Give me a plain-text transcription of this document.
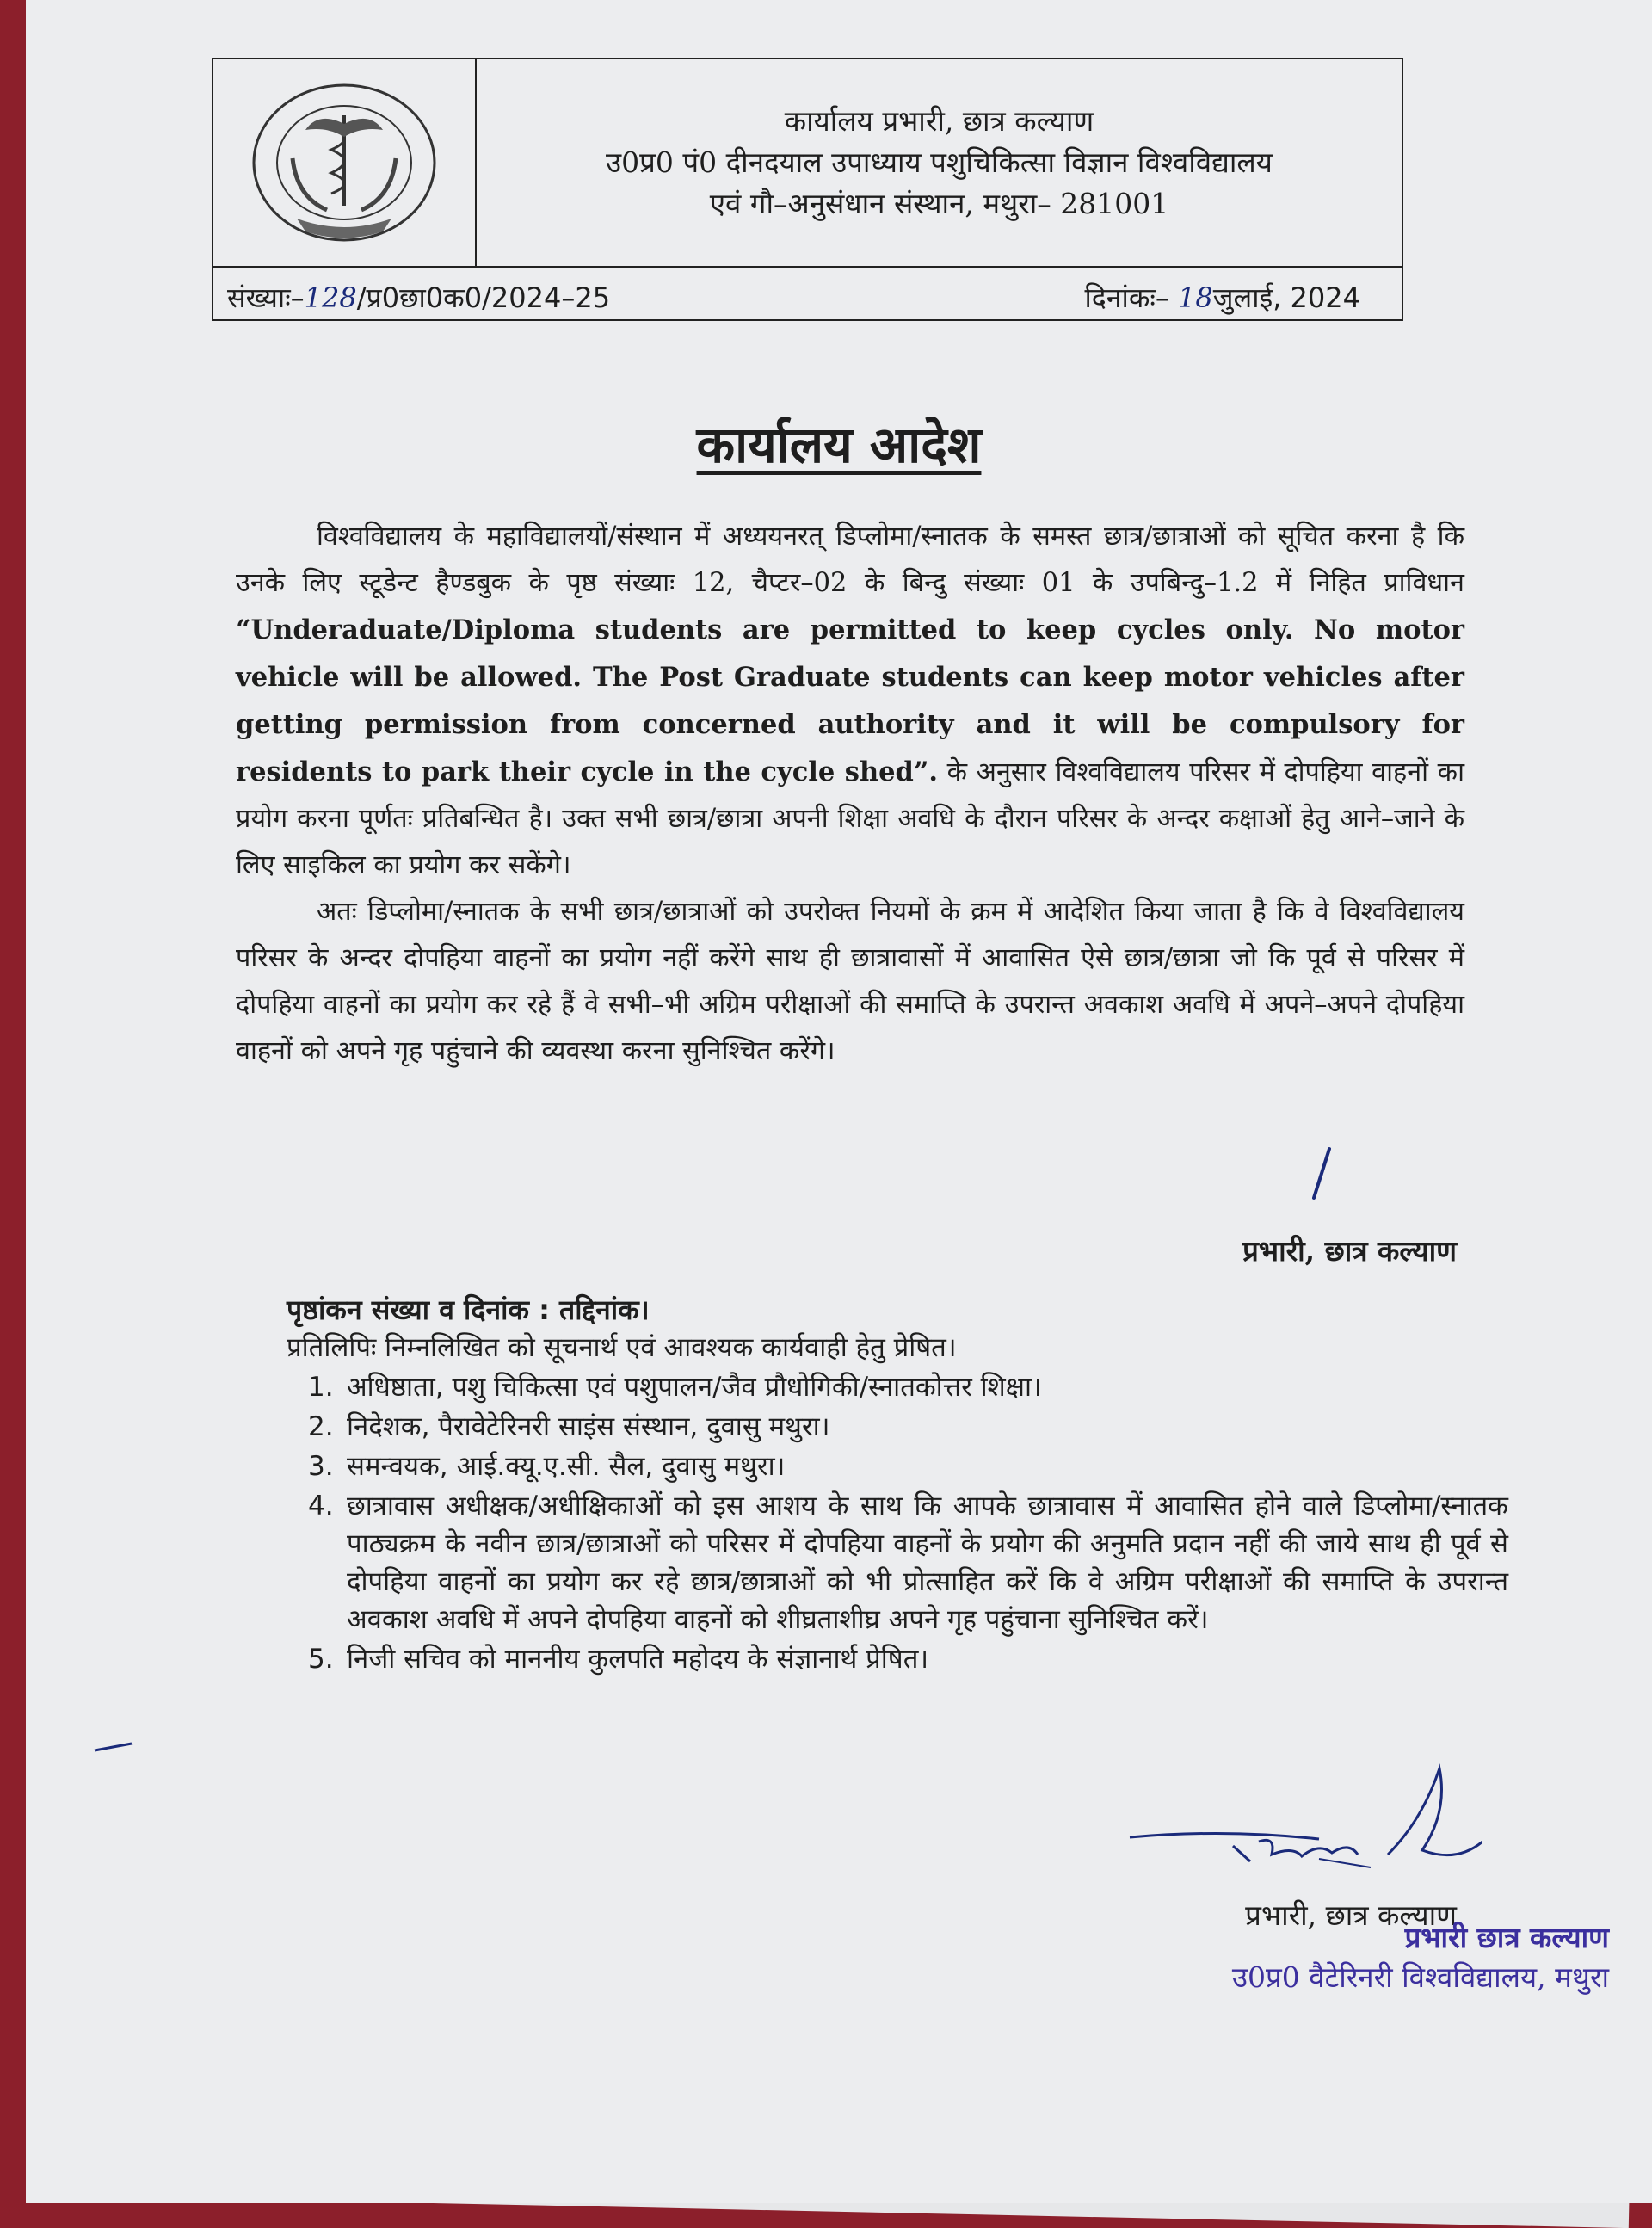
कार्यालय प्रभारी, छात्र कल्याण
उ0प्र0 पं0 दीनदयाल उपाध्याय पशुचिकित्सा विज्ञान विश्वविद्यालय
एवं गौ–अनुसंधान संस्थान, मथुरा– 281001
संख्याः–128/प्र0छा0क0/2024–25	दिनांकः– 18जुलाई, 2024
कार्यालय आदेश
विश्वविद्यालय के महाविद्यालयों/संस्थान में अध्ययनरत् डिप्लोमा/स्नातक के समस्त छात्र/छात्राओं को सूचित करना है कि उनके लिए स्टूडेन्ट हैण्डबुक के पृष्ठ संख्याः 12, चैप्टर–02 के बिन्दु संख्याः 01 के उपबिन्दु–1.2 में निहित प्राविधान “Underaduate/Diploma students are permitted to keep cycles only. No motor vehicle will be allowed. The Post Graduate students can keep motor vehicles after getting permission from concerned authority and it will be compulsory for residents to park their cycle in the cycle shed”. के अनुसार विश्वविद्यालय परिसर में दोपहिया वाहनों का प्रयोग करना पूर्णतः प्रतिबन्धित है। उक्त सभी छात्र/छात्रा अपनी शिक्षा अवधि के दौरान परिसर के अन्दर कक्षाओं हेतु आने–जाने के लिए साइकिल का प्रयोग कर सकेंगे।
अतः डिप्लोमा/स्नातक के सभी छात्र/छात्राओं को उपरोक्त नियमों के क्रम में आदेशित किया जाता है कि वे विश्वविद्यालय परिसर के अन्दर दोपहिया वाहनों का प्रयोग नहीं करेंगे साथ ही छात्रावासों में आवासित ऐसे छात्र/छात्रा जो कि पूर्व से परिसर में दोपहिया वाहनों का प्रयोग कर रहे हैं वे सभी–भी अग्रिम परीक्षाओं की समाप्ति के उपरान्त अवकाश अवधि में अपने–अपने दोपहिया वाहनों को अपने गृह पहुंचाने की व्यवस्था करना सुनिश्चित करेंगे।
प्रभारी, छात्र कल्याण
पृष्ठांकन संख्या व दिनांक : तद्दिनांक।
प्रतिलिपिः निम्नलिखित को सूचनार्थ एवं आवश्यक कार्यवाही हेतु प्रेषित।
1. अधिष्ठाता, पशु चिकित्सा एवं पशुपालन/जैव प्रौधोगिकी/स्नातकोत्तर शिक्षा।
2. निदेशक, पैरावेटेरिनरी साइंस संस्थान, दुवासु मथुरा।
3. समन्वयक, आई.क्यू.ए.सी. सैल, दुवासु मथुरा।
4. छात्रावास अधीक्षक/अधीक्षिकाओं को इस आशय के साथ कि आपके छात्रावास में आवासित होने वाले डिप्लोमा/स्नातक पाठ्यक्रम के नवीन छात्र/छात्राओं को परिसर में दोपहिया वाहनों के प्रयोग की अनुमति प्रदान नहीं की जाये साथ ही पूर्व से दोपहिया वाहनों का प्रयोग कर रहे छात्र/छात्राओं को भी प्रोत्साहित करें कि वे अग्रिम परीक्षाओं की समाप्ति के उपरान्त अवकाश अवधि में अपने दोपहिया वाहनों को शीघ्रताशीघ्र अपने गृह पहुंचाना सुनिश्चित करें।
5. निजी सचिव को माननीय कुलपति महोदय के संज्ञानार्थ प्रेषित।
प्रभारी, छात्र कल्याण
प्रभारी छात्र कल्याण
उ0प्र0 वैटेरिनरी विश्वविद्यालय, मथुरा
